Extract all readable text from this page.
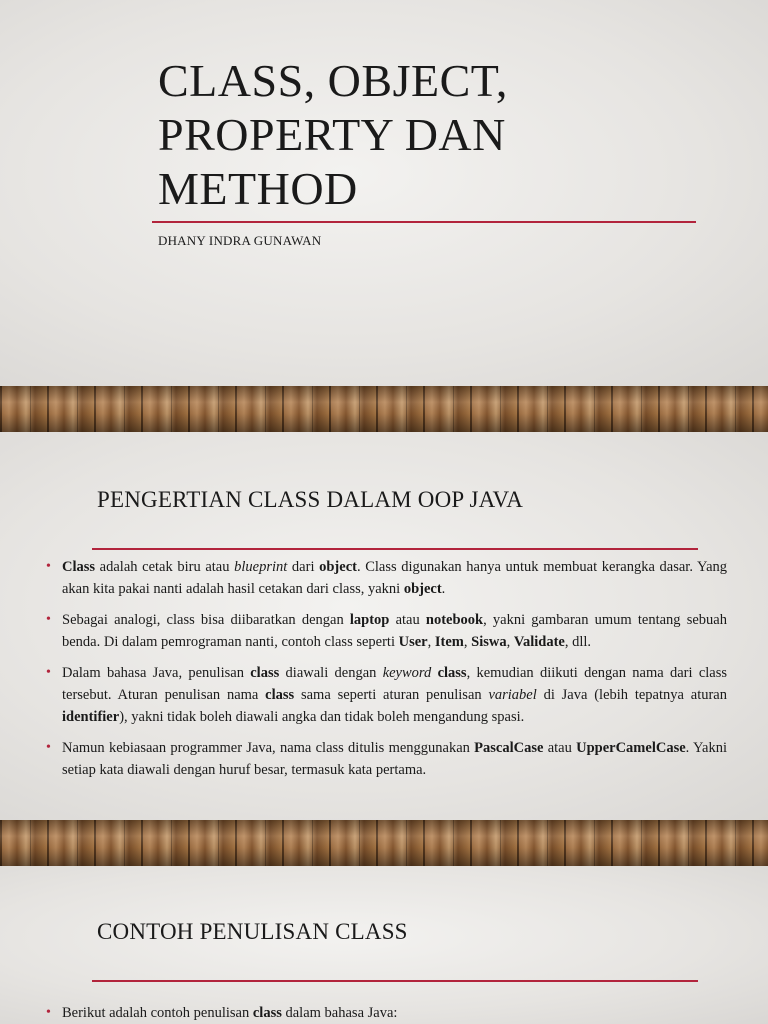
CLASS, OBJECT,
PROPERTY DAN
METHOD
DHANY INDRA GUNAWAN
PENGERTIAN CLASS DALAM OOP JAVA
• Class adalah cetak biru atau blueprint dari object. Class digunakan hanya untuk membuat kerangka dasar. Yang akan kita pakai nanti adalah hasil cetakan dari class, yakni object.
• Sebagai analogi, class bisa diibaratkan dengan laptop atau notebook, yakni gambaran umum tentang sebuah benda. Di dalam pemrograman nanti, contoh class seperti User, Item, Siswa, Validate, dll.
• Dalam bahasa Java, penulisan class diawali dengan keyword class, kemudian diikuti dengan nama dari class tersebut. Aturan penulisan nama class sama seperti aturan penulisan variabel di Java (lebih tepatnya aturan identifier), yakni tidak boleh diawali angka dan tidak boleh mengandung spasi.
• Namun kebiasaan programmer Java, nama class ditulis menggunakan PascalCase atau UpperCamelCase. Yakni setiap kata diawali dengan huruf besar, termasuk kata pertama.
CONTOH PENULISAN CLASS
• Berikut adalah contoh penulisan class dalam bahasa Java:
